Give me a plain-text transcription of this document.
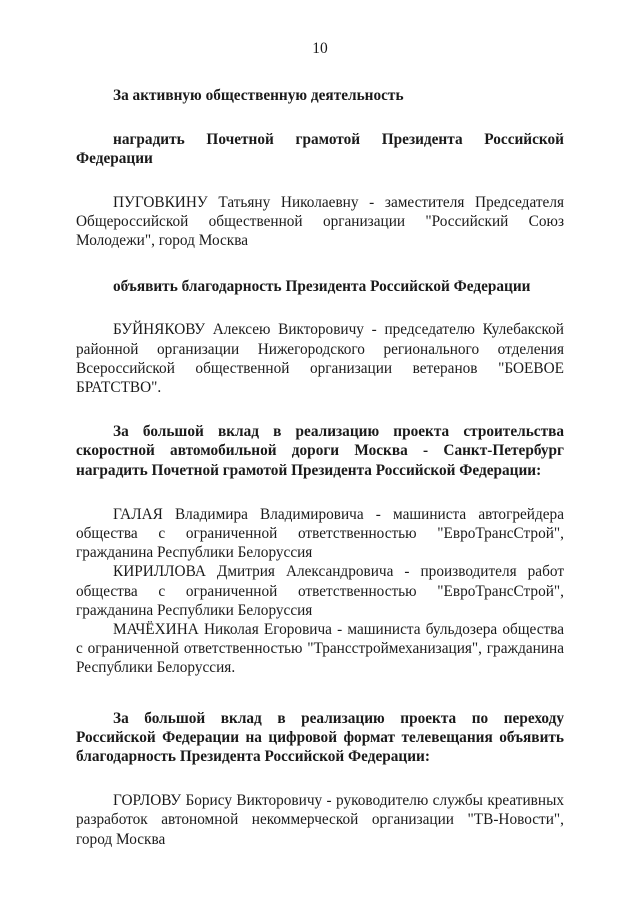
10

За активную общественную деятельность

наградить Почетной грамотой Президента Российской Федерации

ПУГОВКИНУ Татьяну Николаевну - заместителя Председателя Общероссийской общественной организации "Российский Союз Молодежи", город Москва

объявить благодарность Президента Российской Федерации

БУЙНЯКОВУ Алексею Викторовичу - председателю Кулебакской районной организации Нижегородского регионального отделения Всероссийской общественной организации ветеранов "БОЕВОЕ БРАТСТВО".

За большой вклад в реализацию проекта строительства скоростной автомобильной дороги Москва - Санкт-Петербург наградить Почетной грамотой Президента Российской Федерации:

ГАЛАЯ Владимира Владимировича - машиниста автогрейдера общества с ограниченной ответственностью "ЕвроТрансСтрой", гражданина Республики Белоруссия

КИРИЛЛОВА Дмитрия Александровича - производителя работ общества с ограниченной ответственностью "ЕвроТрансСтрой", гражданина Республики Белоруссия

МАЧЁХИНА Николая Егоровича - машиниста бульдозера общества с ограниченной ответственностью "Трансстроймеханизация", гражданина Республики Белоруссия.

За большой вклад в реализацию проекта по переходу Российской Федерации на цифровой формат телевещания объявить благодарность Президента Российской Федерации:

ГОРЛОВУ Борису Викторовичу - руководителю службы креативных разработок автономной некоммерческой организации "ТВ-Новости", город Москва
